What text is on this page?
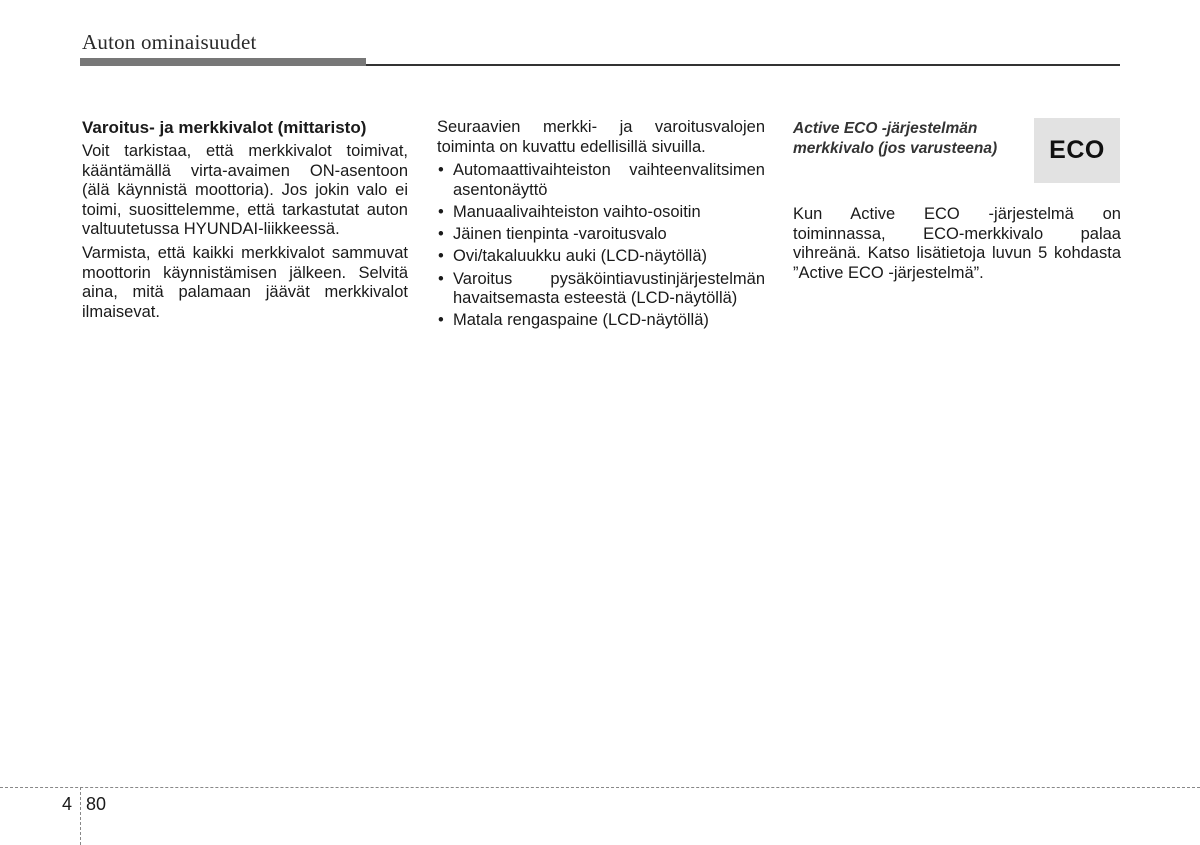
Auton ominaisuudet
Varoitus- ja merkkivalot (mittaristo)

Voit tarkistaa, että merkkivalot toimivat, kääntämällä virta-avaimen ON-asentoon (älä käynnistä moottoria). Jos jokin valo ei toimi, suosittelemme, että tarkastutat auton valtuutetussa HYUNDAI-liikkeessä.

Varmista, että kaikki merkkivalot sammuvat moottorin käynnistämisen jälkeen. Selvitä aina, mitä palamaan jäävät merkkivalot ilmaisevat.

Seuraavien merkki- ja varoitusvalojen toiminta on kuvattu edellisillä sivuilla.

• Automaattivaihteiston vaihteenvalitsimen asentonäyttö
• Manuaalivaihteiston vaihto-osoitin
• Jäinen tienpinta -varoitusvalo
• Ovi/takaluukku auki (LCD-näytöllä)
• Varoitus pysäköintiavustinjärjestelmän havaitsemasta esteestä (LCD-näytöllä)
• Matala rengaspaine (LCD-näytöllä)
Active ECO -järjestelmän merkkivalo (jos varusteena)

Kun Active ECO -järjestelmä on toiminnassa, ECO-merkkivalo palaa vihreänä. Katso lisätietoja luvun 5 kohdasta ”Active ECO -järjestelmä”.

ECO
4 80
